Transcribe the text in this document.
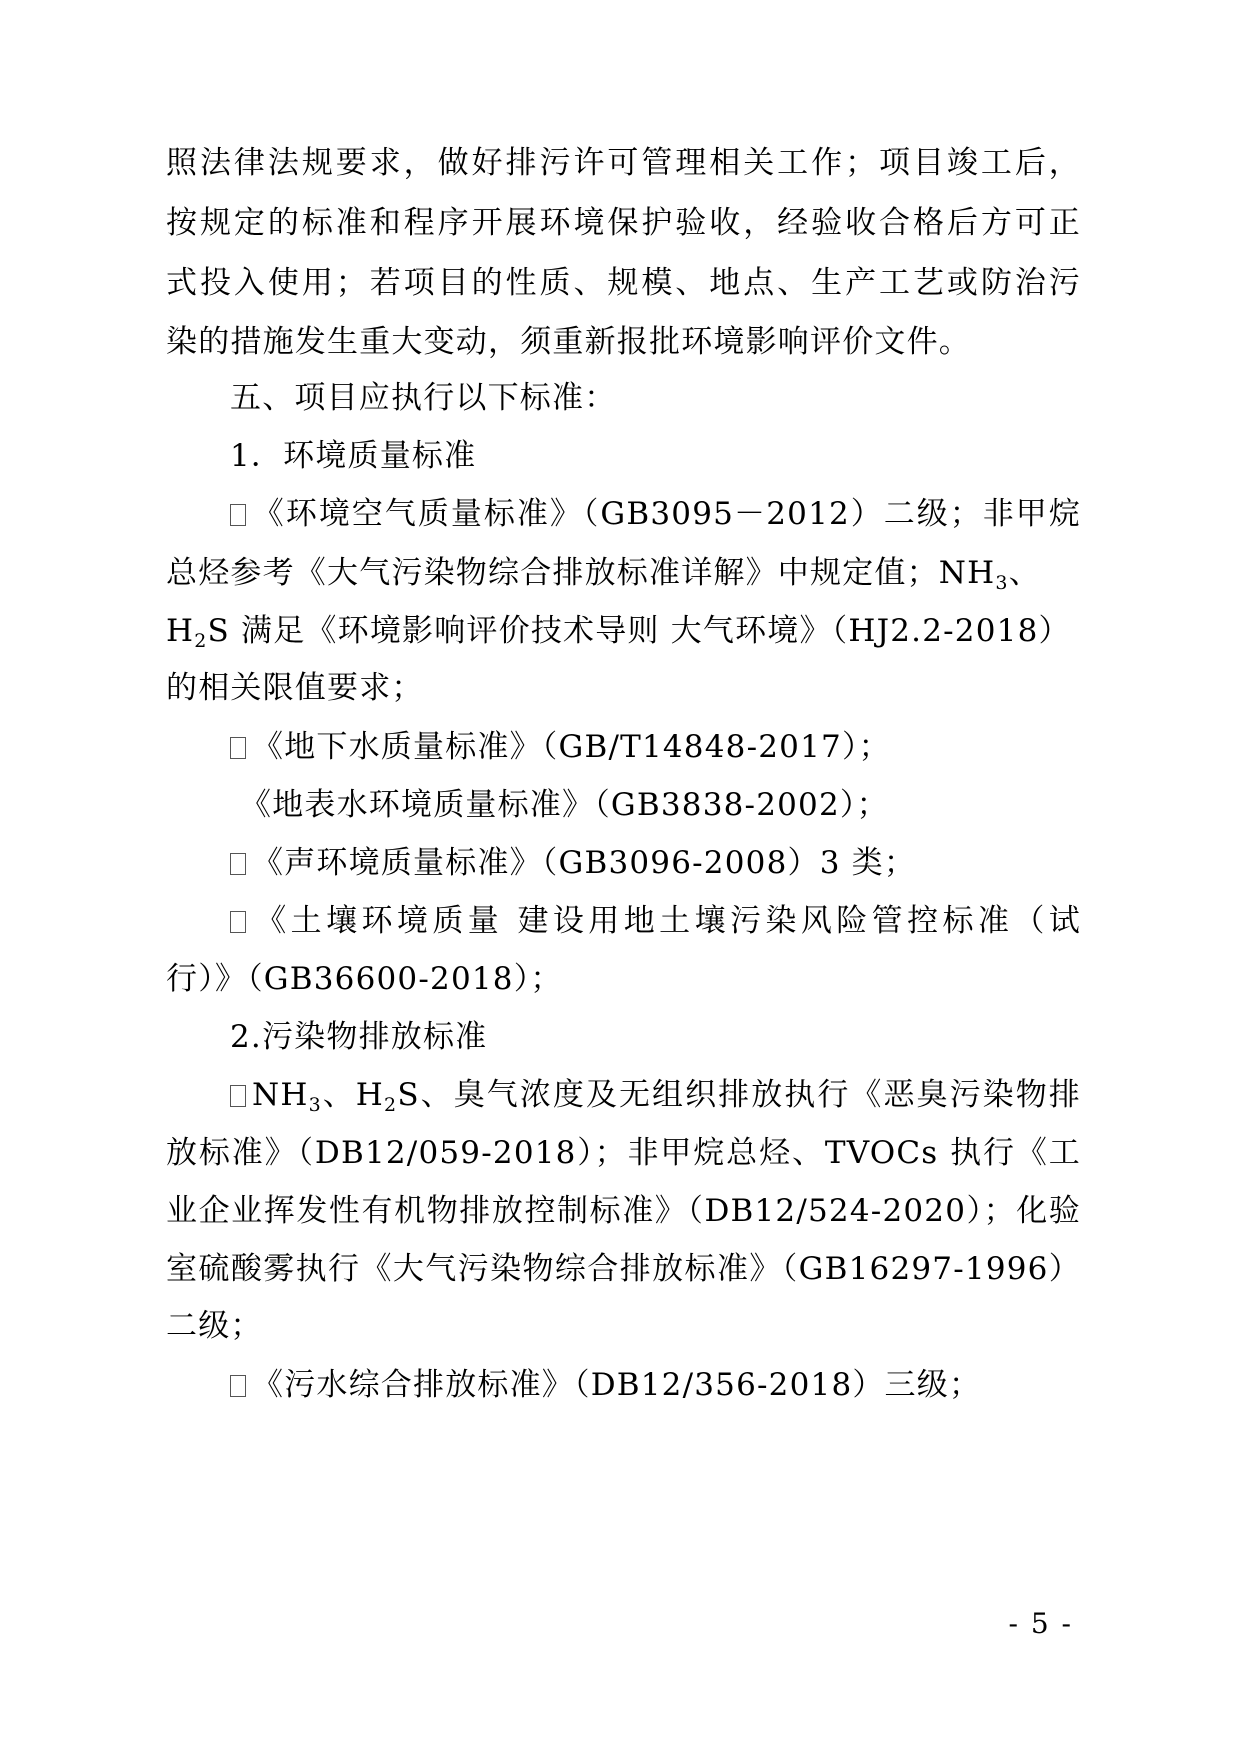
照法律法规要求，做好排污许可管理相关工作；项目竣工后，
按规定的标准和程序开展环境保护验收，经验收合格后方可正
式投入使用；若项目的性质、规模、地点、生产工艺或防治污
染的措施发生重大变动，须重新报批环境影响评价文件。
五、项目应执行以下标准：
1．环境质量标准
《环境空气质量标准》（GB3095－2012）二级；非甲烷
总烃参考《大气污染物综合排放标准详解》中规定值；$NH_3$、
$H_2S$ 满足《环境影响评价技术导则 大气环境》（HJ2.2-2018）
的相关限值要求；
《地下水质量标准》（GB/T14848-2017）；
《地表水环境质量标准》（GB3838-2002）；
《声环境质量标准》（GB3096-2008）3 类；
《土壤环境质量 建设用地土壤污染风险管控标准（试
行）》（GB36600-2018）；
2.污染物排放标准
$NH_3$、$H_2S$、臭气浓度及无组织排放执行《恶臭污染物排
放标准》（DB12/059-2018）；非甲烷总烃、TVOCs 执行《工
业企业挥发性有机物排放控制标准》（DB12/524-2020）；化验
室硫酸雾执行《大气污染物综合排放标准》（GB16297-1996）
二级；
《污水综合排放标准》（DB12/356-2018）三级；
- 5 -
